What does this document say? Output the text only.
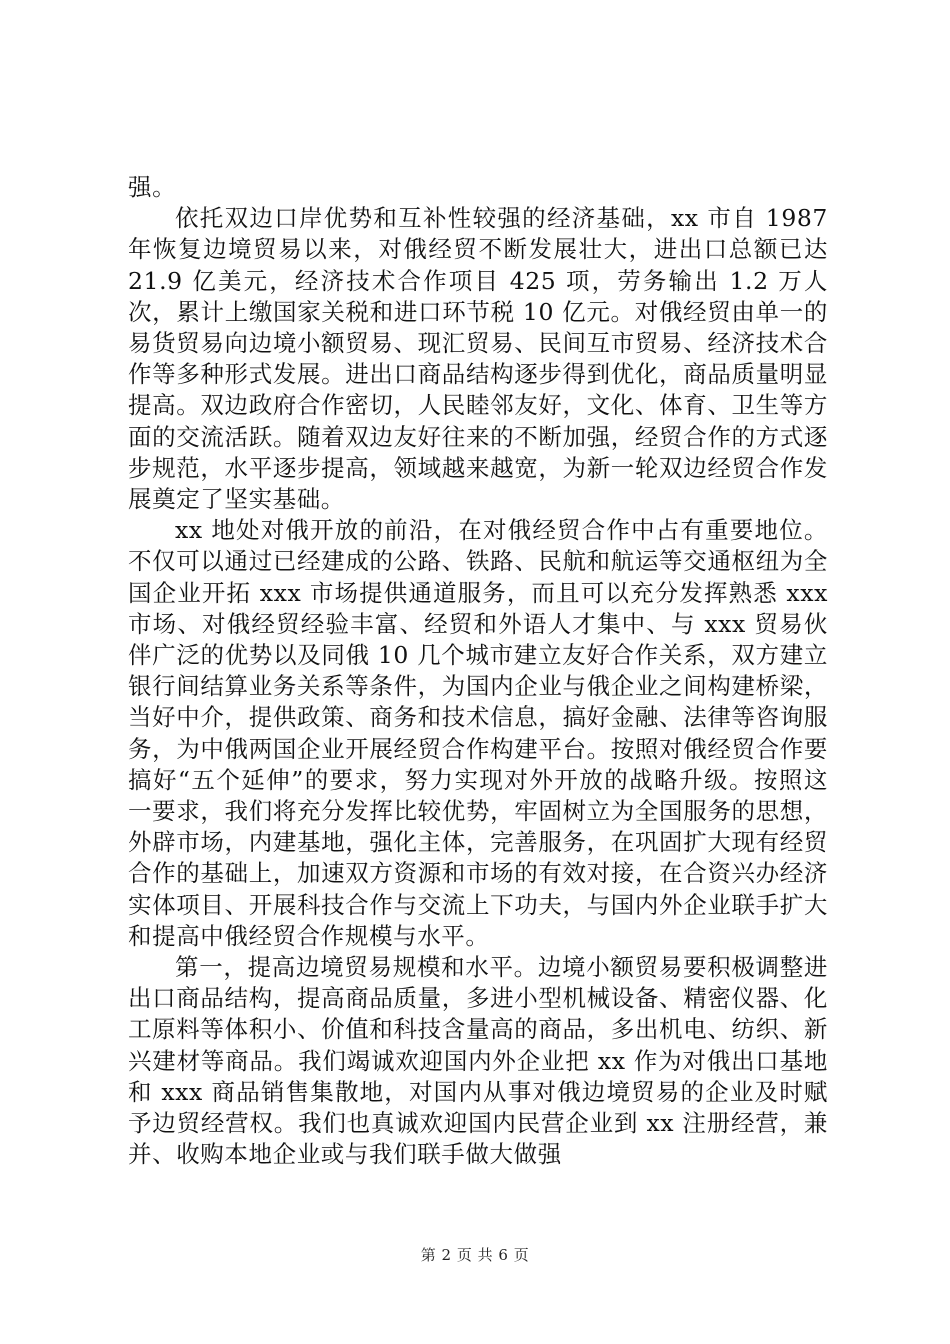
强。

依托双边口岸优势和互补性较强的经济基础，xx 市自 1987 年恢复边境贸易以来，对俄经贸不断发展壮大，进出口总额已达 21.9 亿美元，经济技术合作项目 425 项，劳务输出 1.2 万人次，累计上缴国家关税和进口环节税 10 亿元。对俄经贸由单一的易货贸易向边境小额贸易、现汇贸易、民间互市贸易、经济技术合作等多种形式发展。进出口商品结构逐步得到优化，商品质量明显提高。双边政府合作密切，人民睦邻友好，文化、体育、卫生等方面的交流活跃。随着双边友好往来的不断加强，经贸合作的方式逐步规范，水平逐步提高，领域越来越宽，为新一轮双边经贸合作发展奠定了坚实基础。

xx 地处对俄开放的前沿，在对俄经贸合作中占有重要地位。不仅可以通过已经建成的公路、铁路、民航和航运等交通枢纽为全国企业开拓 xxx 市场提供通道服务，而且可以充分发挥熟悉 xxx 市场、对俄经贸经验丰富、经贸和外语人才集中、与 xxx 贸易伙伴广泛的优势以及同俄 10 几个城市建立友好合作关系，双方建立银行间结算业务关系等条件，为国内企业与俄企业之间构建桥梁，当好中介，提供政策、商务和技术信息，搞好金融、法律等咨询服务，为中俄两国企业开展经贸合作构建平台。按照对俄经贸合作要搞好“五个延伸”的要求，努力实现对外开放的战略升级。按照这一要求，我们将充分发挥比较优势，牢固树立为全国服务的思想，外辟市场，内建基地，强化主体，完善服务，在巩固扩大现有经贸合作的基础上，加速双方资源和市场的有效对接，在合资兴办经济实体项目、开展科技合作与交流上下功夫，与国内外企业联手扩大和提高中俄经贸合作规模与水平。

第一，提高边境贸易规模和水平。边境小额贸易要积极调整进出口商品结构，提高商品质量，多进小型机械设备、精密仪器、化工原料等体积小、价值和科技含量高的商品，多出机电、纺织、新兴建材等商品。我们竭诚欢迎国内外企业把 xx 作为对俄出口基地和 xxx 商品销售集散地，对国内从事对俄边境贸易的企业及时赋予边贸经营权。我们也真诚欢迎国内民营企业到 xx 注册经营，兼并、收购本地企业或与我们联手做大做强

第 2 页 共 6 页
